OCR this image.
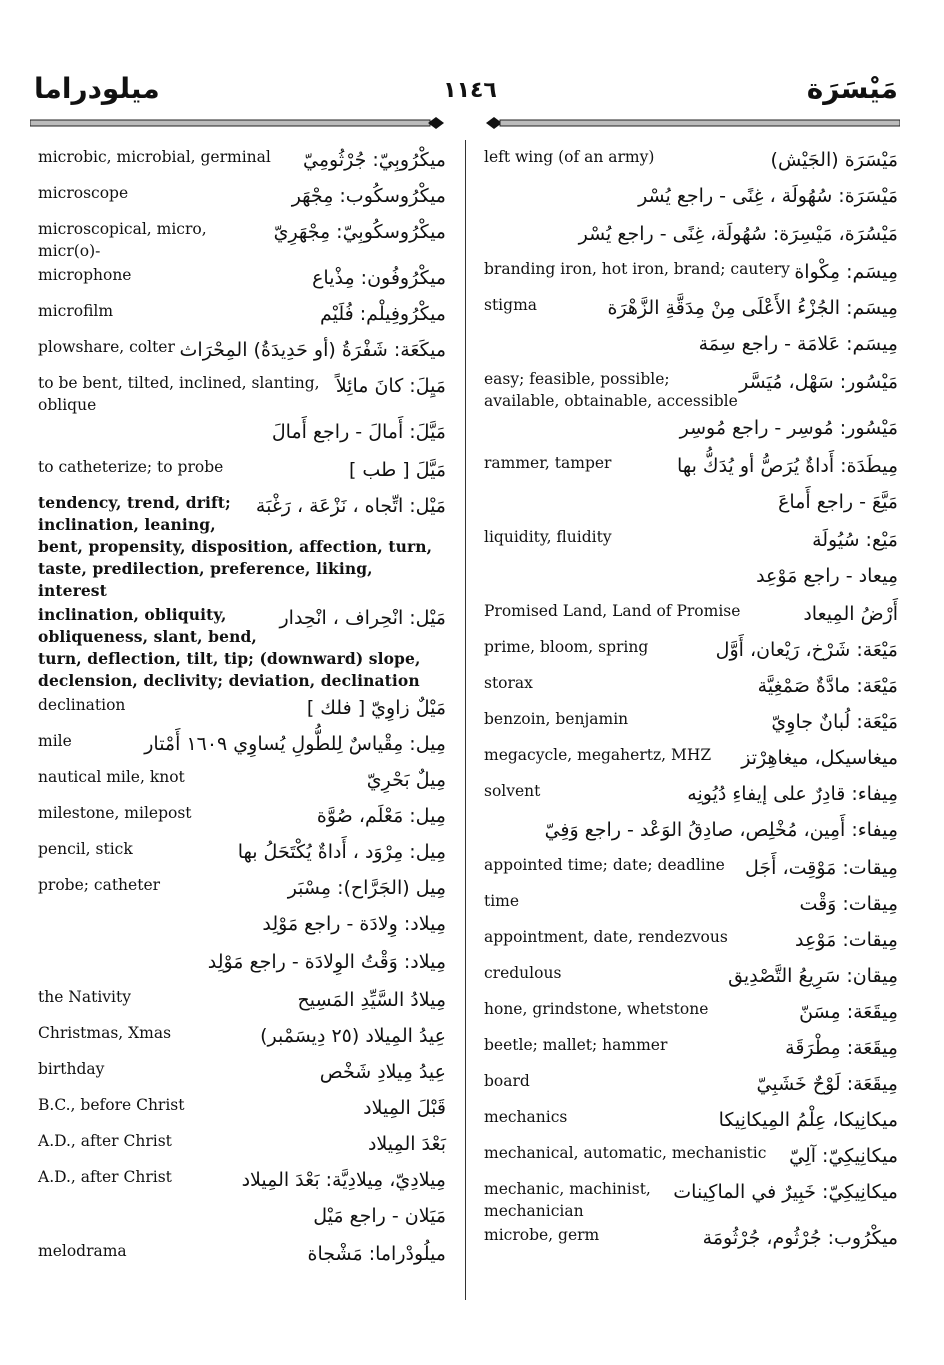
ميلودراما	١١٤٦	مَيْسَرَة
ميكْرُوبِيّ: جُرْثُومِيّ
microbic, microbial, germinal
ميكْرُوسكُوب: مِجْهَر
microscope
ميكْرُوسكُوبِيّ: مِجْهَرِيّ
microscopical, micro, micr(o)-
ميكْرُوفُون: مِذْياع
microphone
ميكْرُوفِيلْم: فُلَيْم
microfilm
ميكَعَة: شَفْرَةُ (أو حَدِيدَةُ) المِحْرَاث
plowshare, colter
مَيِلَ: كانَ مائِلاً
to be bent, tilted, inclined, slanting, oblique
مَيَّلَ: أَمالَ - راجع أَمالَ
مَيَّلَ [ طب ]
to catheterize; to probe
مَيْل: اتِّجاه ، نَزْعَة ، رَغْبَة
tendency, trend, drift; inclination, leaning, bent, propensity, disposition, affection, turn, taste, predilection, preference, liking, interest
مَيْل: انْحِراف ، انْحِدار
inclination, obliquity, obliqueness, slant, bend, turn, deflection, tilt, tip; (downward) slope, declension, declivity; deviation, declination
مَيْلٌ زاوِيّ [ فلك ]
declination
مِيل: مِقْياسٌ لِلطُّولِ يُساوِي ١٦٠٩ أَمْتار
mile
مِيلٌ بَحْرِيّ
nautical mile, knot
مِيل: مَعْلَم، صُوَّة
milestone, milepost
مِيل: مِرْوَد ، أَداةٌ يُكْتَحَلُ بها
pencil, stick
مِيل (الجَرَّاح): مِسْبَر
probe; catheter
مِيلاد: وِلادَة - راجع مَوْلِد
مِيلاد: وَقْتُ الوِلادَة - راجع مَوْلِد
مِيلادُ السَّيِّدِ المَسِيح
the Nativity
عِيدُ المِيلاد (٢٥ دِيسَمْبر)
Christmas, Xmas
عِيدُ مِيلادِ شَخْص
birthday
قَبْلَ المِيلاد
B.C., before Christ
بَعْدَ المِيلاد
A.D., after Christ
مِيلادِيّ، مِيلادِيَّة: بَعْدَ المِيلاد
A.D., after Christ
مَيَلان - راجع مَيْل
ميلُودْراما: مَشْجاة
melodrama
مَيْسَرَة (الجَيْش)
left wing (of an army)
مَيْسَرَة: سُهُولَة ، غِنًى - راجع يُسْر
مَيْسُرَة، مَيْسِرَة: سُهُولَة، غِنًى - راجع يُسْر
مِيسَم: مِكْواة
branding iron, hot iron, brand; cautery
مِيسَم: الجُزْءُ الأَعْلَى مِنْ مِدَقَّةِ الزَّهْرَة
stigma
مِيسَم: عَلامَة - راجع سِمَة
مَيْسُور: سَهْل، مُيَسَّر
easy; feasible, possible; available, obtainable, accessible
مَيْسُور: مُوسِر - راجع مُوسِر
مِيطَدَة: أَداةٌ يُرَصُّ أو يُدَكُّ بها
rammer, tamper
مَيَّعَ - راجع أَماعَ
مَيْع: سُيُولَة
liquidity, fluidity
مِيعاد - راجع مَوْعِد
أَرْضُ المِيعاد
Promised Land, Land of Promise
مَيْعَة: شَرْخ، رَيْعان، أَوَّل
prime, bloom, spring
مَيْعَة: مادَّةٌ صَمْغِيَّة
storax
مَيْعَة: لُبانٌ جاوِيّ
benzoin, benjamin
ميغاسيكل، ميغاهِرْتز
megacycle, megahertz, MHZ
مِيفاء: قادِرٌ على إيفاءِ دُيُونِه
solvent
مِيفاء: أَمِين، مُخْلِص، صادِقُ الوَعْد - راجع وَفِيّ
مِيقات: مَوْقِت، أَجَل
appointed time; date; deadline
مِيقات: وَقْت
time
مِيقات: مَوْعِد
appointment, date, rendezvous
مِيقان: سَرِيعُ التَّصْدِيق
credulous
مِيقَعَة: مِسَنّ
hone, grindstone, whetstone
مِيقَعَة: مِطْرَقَة
beetle; mallet; hammer
مِيقَعَة: لَوْحٌ خَشَبِيّ
board
ميكانِيكا، عِلْمُ المِيكانِيكا
mechanics
ميكانِيكِيّ: آلِيّ
mechanical, automatic, mechanistic
ميكانِيكِيّ: خَبِيرٌ في الماكِينات
mechanic, machinist, mechanician
ميكْرُوب: جُرْثُوم، جُرْثُومَة
microbe, germ
